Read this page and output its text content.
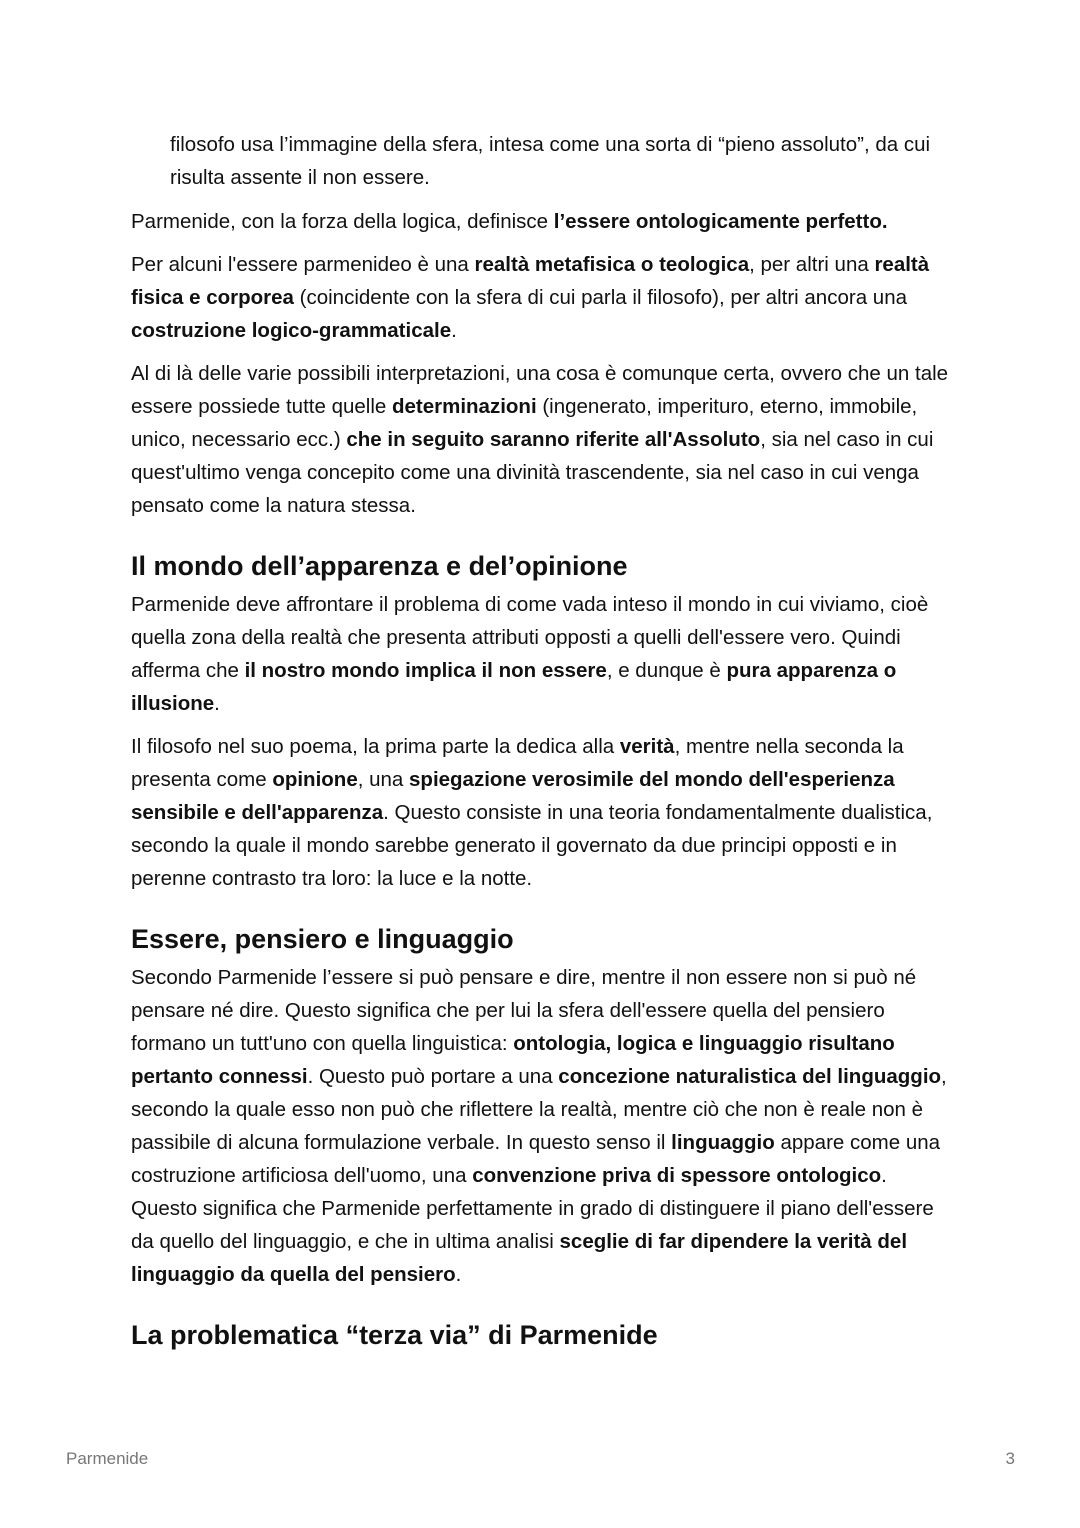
filosofo usa l’immagine della sfera, intesa come una sorta di “pieno assoluto”, da cui risulta assente il non essere.

Parmenide, con la forza della logica, definisce l’essere ontologicamente perfetto.

Per alcuni l'essere parmenideo è una realtà metafisica o teologica, per altri una realtà fisica e corporea (coincidente con la sfera di cui parla il filosofo), per altri ancora una costruzione logico-grammaticale.

Al di là delle varie possibili interpretazioni, una cosa è comunque certa, ovvero che un tale essere possiede tutte quelle determinazioni (ingenerato, imperituro, eterno, immobile, unico, necessario ecc.) che in seguito saranno riferite all'Assoluto, sia nel caso in cui quest'ultimo venga concepito come una divinità trascendente, sia nel caso in cui venga pensato come la natura stessa.

Il mondo dell’apparenza e del’opinione

Parmenide deve affrontare il problema di come vada inteso il mondo in cui viviamo, cioè quella zona della realtà che presenta attributi opposti a quelli dell'essere vero. Quindi afferma che il nostro mondo implica il non essere, e dunque è pura apparenza o illusione.

Il filosofo nel suo poema, la prima parte la dedica alla verità, mentre nella seconda la presenta come opinione, una spiegazione verosimile del mondo dell'esperienza sensibile e dell'apparenza. Questo consiste in una teoria fondamentalmente dualistica, secondo la quale il mondo sarebbe generato il governato da due principi opposti e in perenne contrasto tra loro: la luce e la notte.

Essere, pensiero e linguaggio

Secondo Parmenide l’essere si può pensare e dire, mentre il non essere non si può né pensare né dire. Questo significa che per lui la sfera dell'essere quella del pensiero formano un tutt'uno con quella linguistica: ontologia, logica e linguaggio risultano pertanto connessi. Questo può portare a una concezione naturalistica del linguaggio, secondo la quale esso non può che riflettere la realtà, mentre ciò che non è reale non è passibile di alcuna formulazione verbale. In questo senso il linguaggio appare come una costruzione artificiosa dell'uomo, una convenzione priva di spessore ontologico. Questo significa che Parmenide perfettamente in grado di distinguere il piano dell'essere da quello del linguaggio, e che in ultima analisi sceglie di far dipendere la verità del linguaggio da quella del pensiero.

La problematica “terza via” di Parmenide
Parmenide	3
